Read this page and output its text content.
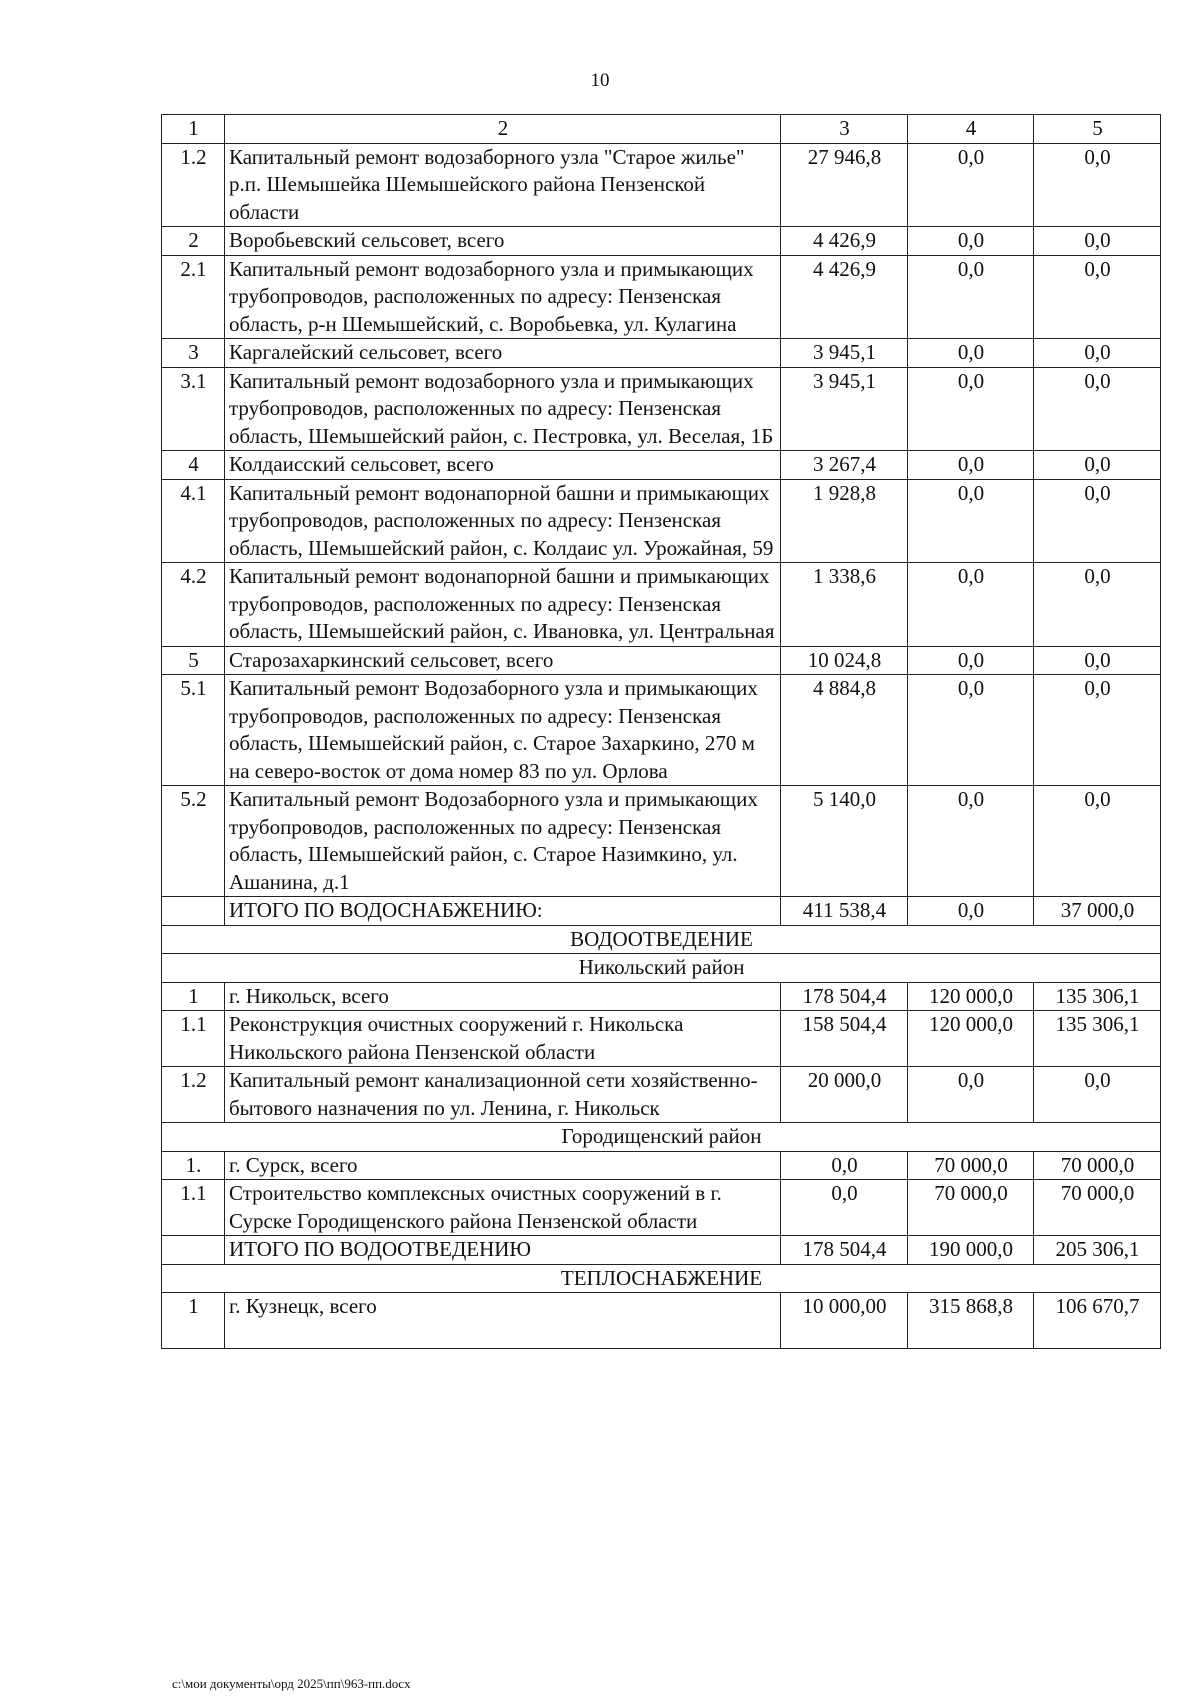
10
1	2	3	4	5
1.2	Капитальный ремонт водозаборного узла "Старое жилье" р.п. Шемышейка Шемышейского района Пензенской области	27 946,8	0,0	0,0
2	Воробьевский сельсовет, всего	4 426,9	0,0	0,0
2.1	Капитальный ремонт водозаборного узла и примыкающих трубопроводов, расположенных по адресу: Пензенская область, р-н Шемышейский, с. Воробьевка, ул. Кулагина	4 426,9	0,0	0,0
3	Каргалейский сельсовет, всего	3 945,1	0,0	0,0
3.1	Капитальный ремонт водозаборного узла и примыкающих трубопроводов, расположенных по адресу: Пензенская область, Шемышейский район, с. Пестровка, ул. Веселая, 1Б	3 945,1	0,0	0,0
4	Колдаисский сельсовет, всего	3 267,4	0,0	0,0
4.1	Капитальный ремонт водонапорной башни и примыкающих трубопроводов, расположенных по адресу: Пензенская область, Шемышейский район, с. Колдаис ул. Урожайная, 59	1 928,8	0,0	0,0
4.2	Капитальный ремонт водонапорной башни и примыкающих трубопроводов, расположенных по адресу: Пензенская область, Шемышейский район, с. Ивановка, ул. Центральная	1 338,6	0,0	0,0
5	Старозахаркинский сельсовет, всего	10 024,8	0,0	0,0
5.1	Капитальный ремонт Водозаборного узла и примыкающих трубопроводов, расположенных по адресу: Пензенская область, Шемышейский район, с. Старое Захаркино, 270 м на северо-восток от дома номер 83 по ул. Орлова	4 884,8	0,0	0,0
5.2	Капитальный ремонт Водозаборного узла и примыкающих трубопроводов, расположенных по адресу: Пензенская область, Шемышейский район, с. Старое Назимкино, ул. Ашанина, д.1	5 140,0	0,0	0,0
	ИТОГО ПО ВОДОСНАБЖЕНИЮ:	411 538,4	0,0	37 000,0
ВОДООТВЕДЕНИЕ				
Никольский район				
1	г. Никольск, всего	178 504,4	120 000,0	135 306,1
1.1	Реконструкция очистных сооружений г. Никольска Никольского района Пензенской области	158 504,4	120 000,0	135 306,1
1.2	Капитальный ремонт канализационной сети хозяйственно-бытового назначения по ул. Ленина, г. Никольск	20 000,0	0,0	0,0
Городищенский район				
1.	г. Сурск, всего	0,0	70 000,0	70 000,0
1.1	Строительство комплексных очистных сооружений в г. Сурске Городищенского района Пензенской области	0,0	70 000,0	70 000,0
	ИТОГО ПО ВОДООТВЕДЕНИЮ	178 504,4	190 000,0	205 306,1
ТЕПЛОСНАБЖЕНИЕ				
1	г. Кузнецк, всего	10 000,00	315 868,8	106 670,7
c:\мои документы\орд 2025\пп\963-пп.docx
